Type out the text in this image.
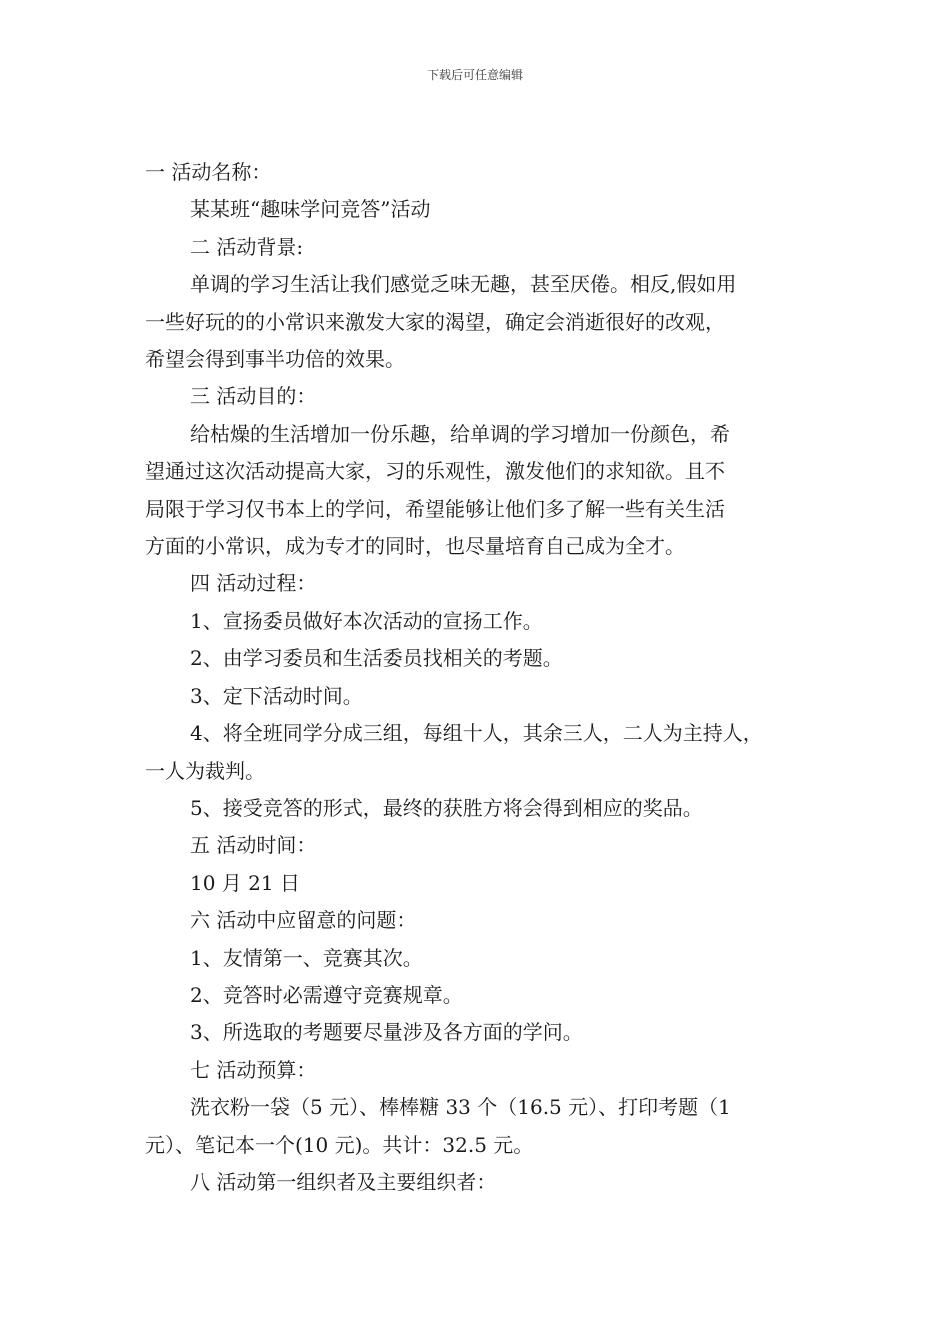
下载后可任意编辑

一 活动名称：

某某班“趣味学问竞答”活动

二 活动背景:

单调的学习生活让我们感觉乏味无趣，甚至厌倦。相反,假如用
一些好玩的的小常识来激发大家的渴望，确定会消逝很好的改观，
希望会得到事半功倍的效果。

三 活动目的：

给枯燥的生活增加一份乐趣，给单调的学习增加一份颜色，希
望通过这次活动提高大家，习的乐观性，激发他们的求知欲。且不
局限于学习仅书本上的学问，希望能够让他们多了解一些有关生活
方面的小常识，成为专才的同时，也尽量培育自己成为全才。

四 活动过程：

1、宣扬委员做好本次活动的宣扬工作。

2、由学习委员和生活委员找相关的考题。

3、定下活动时间。

4、将全班同学分成三组，每组十人，其余三人，二人为主持人，
一人为裁判。

5、接受竞答的形式，最终的获胜方将会得到相应的奖品。

五 活动时间：

10 月 21 日

六 活动中应留意的问题：

1、友情第一、竞赛其次。

2、竞答时必需遵守竞赛规章。

3、所选取的考题要尽量涉及各方面的学问。

七 活动预算：

洗衣粉一袋（5 元）、棒棒糖 33 个（16.5 元）、打印考题（1
元）、笔记本一个(10 元)。共计：32.5 元。

八 活动第一组织者及主要组织者：
